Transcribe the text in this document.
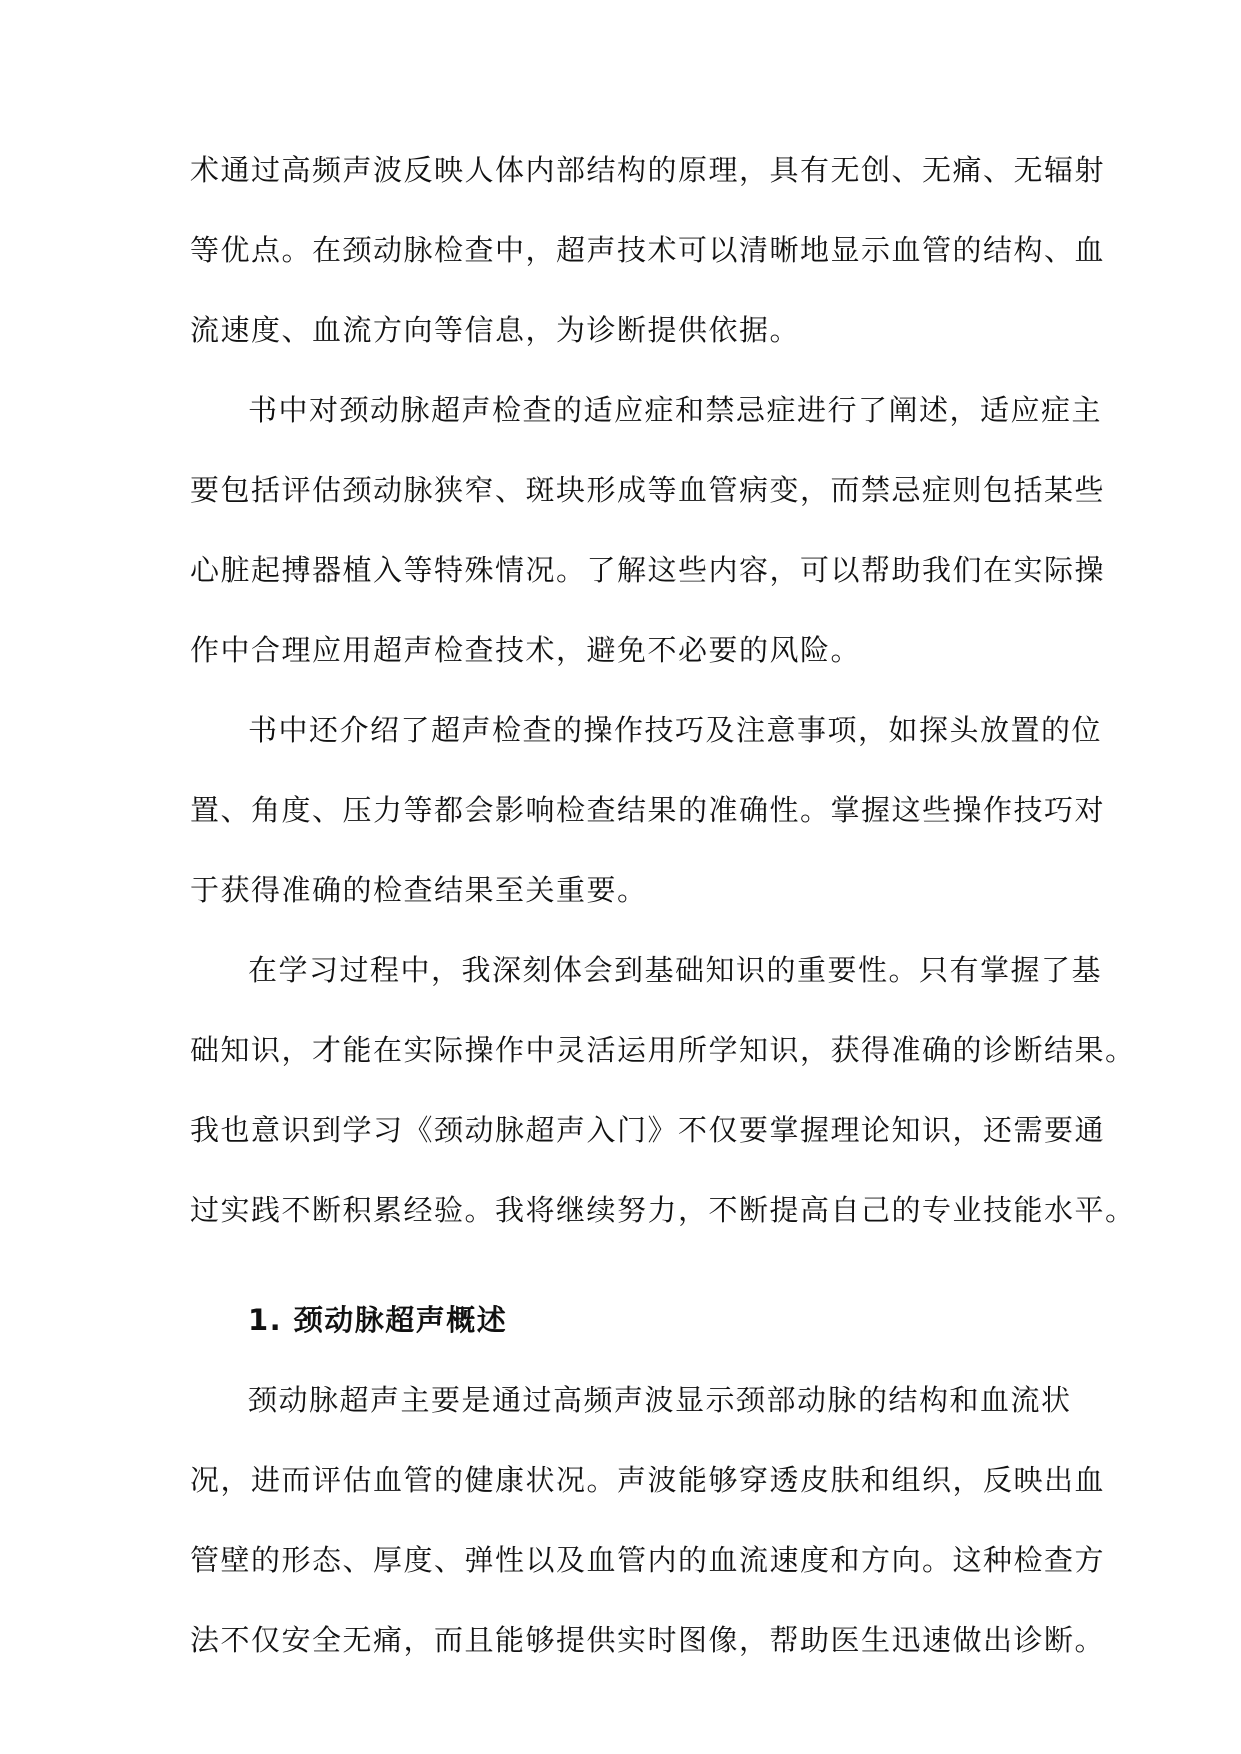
术通过高频声波反映人体内部结构的原理，具有无创、无痛、无辐射
等优点。在颈动脉检查中，超声技术可以清晰地显示血管的结构、血
流速度、血流方向等信息，为诊断提供依据。
书中对颈动脉超声检查的适应症和禁忌症进行了阐述，适应症主
要包括评估颈动脉狭窄、斑块形成等血管病变，而禁忌症则包括某些
心脏起搏器植入等特殊情况。了解这些内容，可以帮助我们在实际操
作中合理应用超声检查技术，避免不必要的风险。
书中还介绍了超声检查的操作技巧及注意事项，如探头放置的位
置、角度、压力等都会影响检查结果的准确性。掌握这些操作技巧对
于获得准确的检查结果至关重要。
在学习过程中，我深刻体会到基础知识的重要性。只有掌握了基
础知识，才能在实际操作中灵活运用所学知识，获得准确的诊断结果。
我也意识到学习《颈动脉超声入门》不仅要掌握理论知识，还需要通
过实践不断积累经验。我将继续努力，不断提高自己的专业技能水平。
1. 颈动脉超声概述
颈动脉超声主要是通过高频声波显示颈部动脉的结构和血流状
况，进而评估血管的健康状况。声波能够穿透皮肤和组织，反映出血
管壁的形态、厚度、弹性以及血管内的血流速度和方向。这种检查方
法不仅安全无痛，而且能够提供实时图像，帮助医生迅速做出诊断。
